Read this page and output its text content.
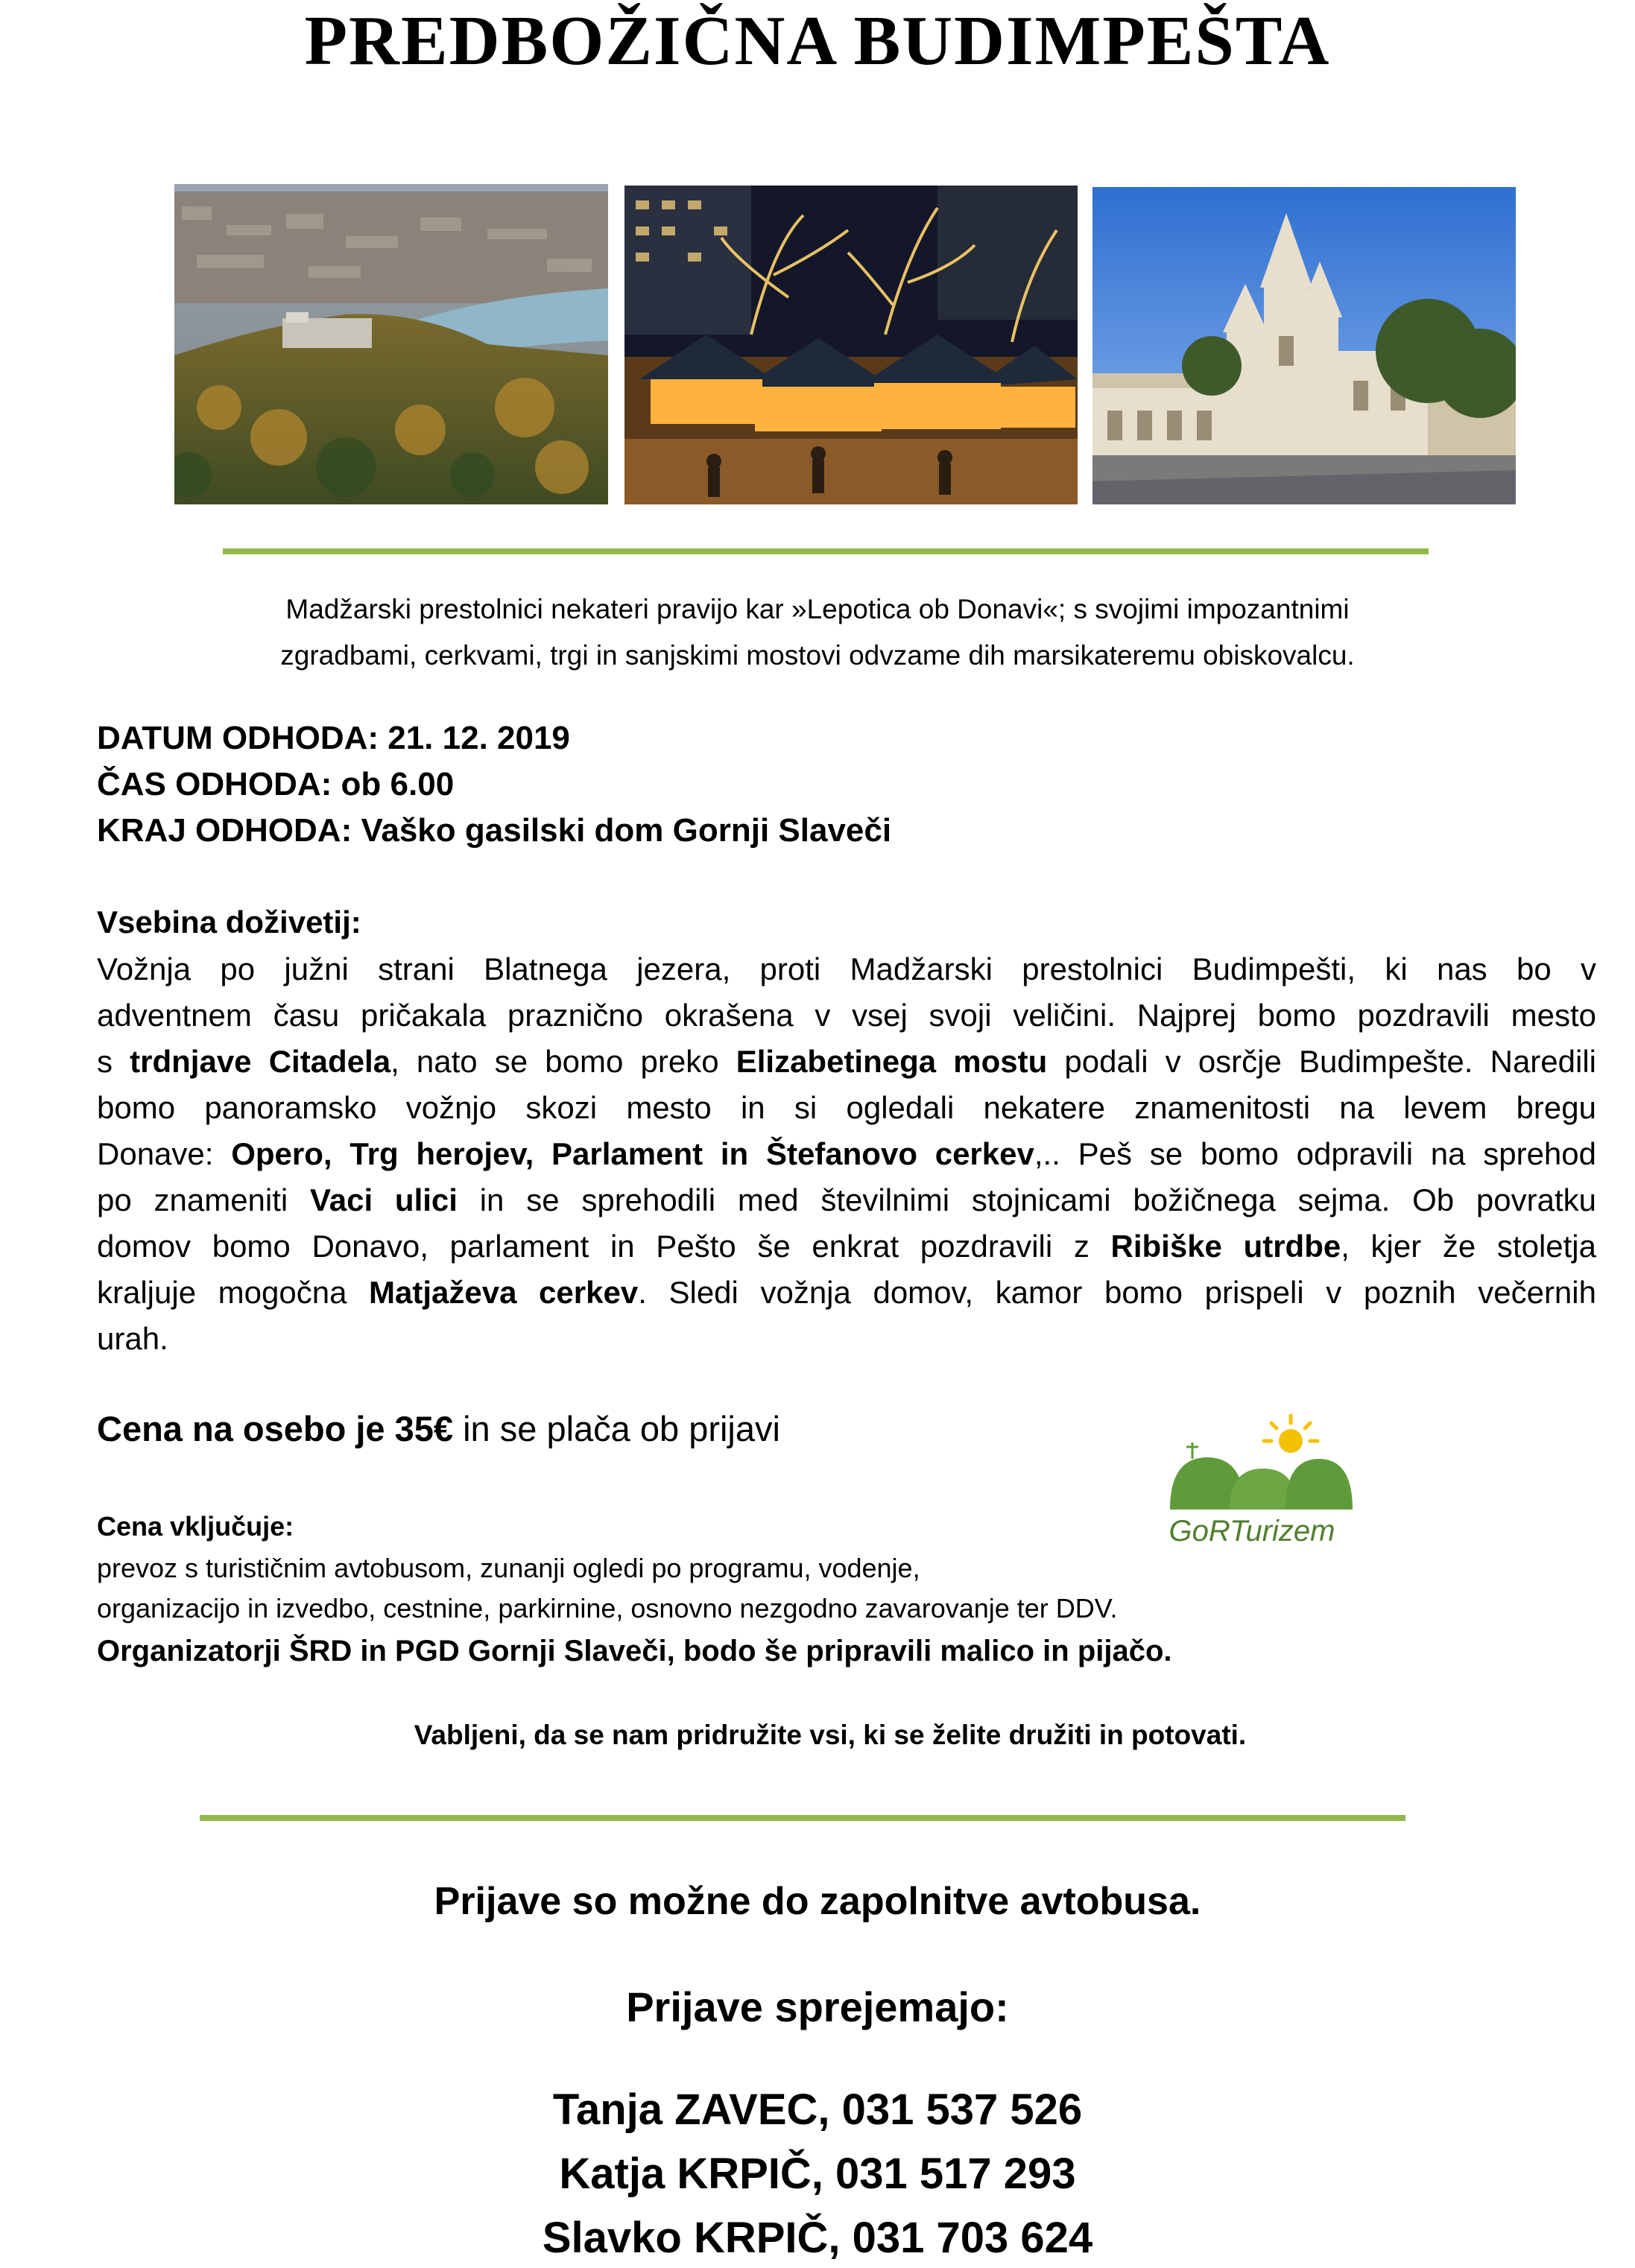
PREDBOŽIČNA BUDIMPEŠTA
Madžarski prestolnici nekateri pravijo kar »Lepotica ob Donavi«; s svojimi impozantnimi
zgradbami, cerkvami, trgi in sanjskimi mostovi odvzame dih marsikateremu obiskovalcu.
DATUM ODHODA: 21. 12. 2019
ČAS ODHODA: ob 6.00
KRAJ ODHODA: Vaško gasilski dom Gornji Slaveči
Vsebina doživetij:
Vožnja po južni strani Blatnega jezera, proti Madžarski prestolnici Budimpešti, ki nas bo v
adventnem času pričakala praznično okrašena v vsej svoji veličini. Najprej bomo pozdravili mesto
s trdnjave Citadela, nato se bomo preko Elizabetinega mostu podali v osrčje Budimpešte. Naredili
bomo panoramsko vožnjo skozi mesto in si ogledali nekatere znamenitosti na levem bregu
Donave: Opero, Trg herojev, Parlament in Štefanovo cerkev,.. Peš se bomo odpravili na sprehod
po znameniti Vaci ulici in se sprehodili med številnimi stojnicami božičnega sejma. Ob povratku
domov bomo Donavo, parlament in Pešto še enkrat pozdravili z Ribiške utrdbe, kjer že stoletja
kraljuje mogočna Matjaževa cerkev. Sledi vožnja domov, kamor bomo prispeli v poznih večernih
urah.
Cena na osebo je 35€ in se plača ob prijavi
Cena vključuje:
prevoz s turističnim avtobusom, zunanji ogledi po programu, vodenje,
organizacijo in izvedbo, cestnine, parkirnine, osnovno nezgodno zavarovanje ter DDV.
Organizatorji ŠRD in PGD Gornji Slaveči, bodo še pripravili malico in pijačo.
Vabljeni, da se nam pridružite vsi, ki se želite družiti in potovati.
GoRTurizem
Prijave so možne do zapolnitve avtobusa.
Prijave sprejemajo:
Tanja ZAVEC, 031 537 526
Katja KRPIČ, 031 517 293
Slavko KRPIČ, 031 703 624
